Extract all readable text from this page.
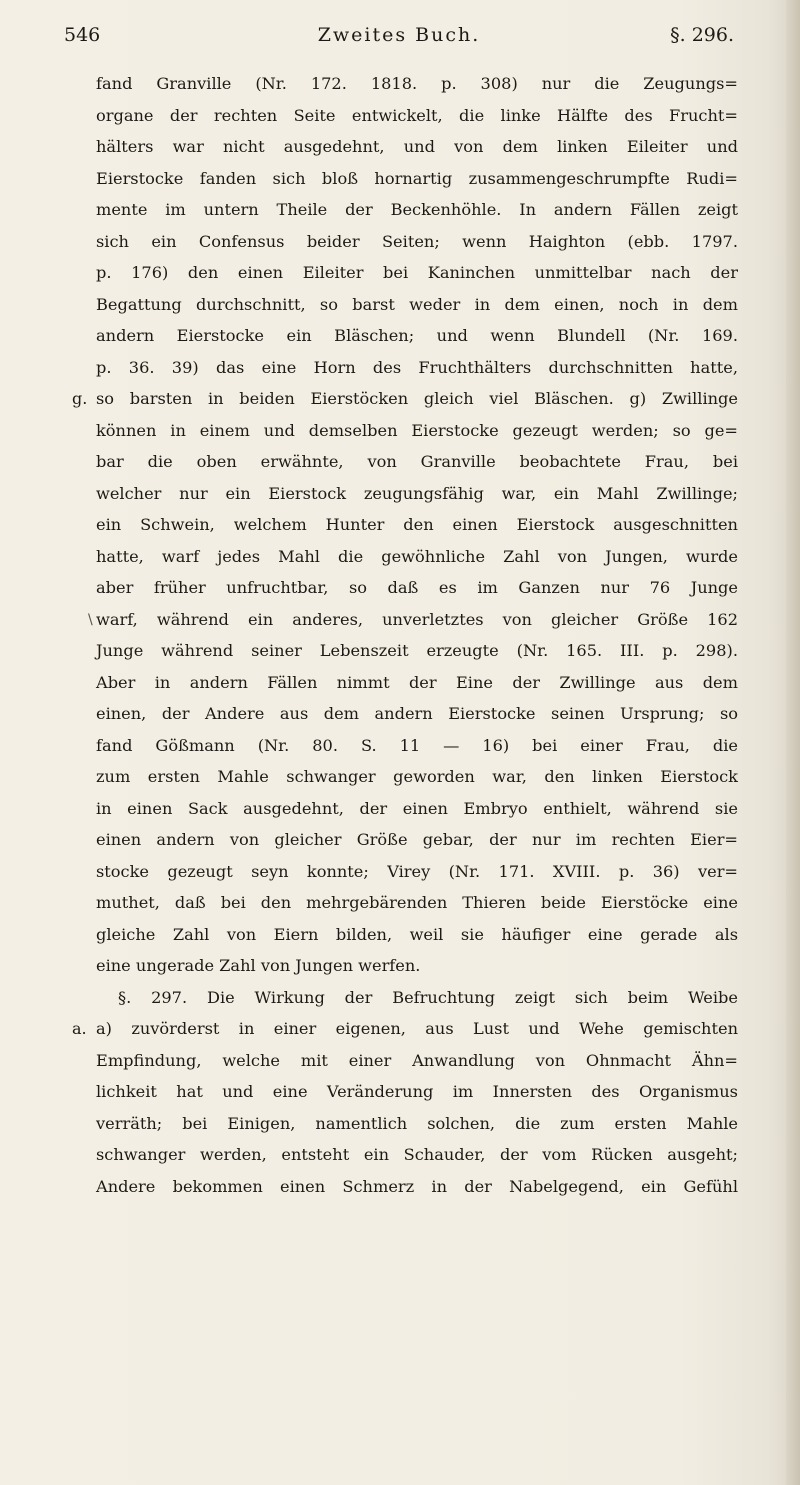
546	Zweites Buch.	§. 296.
\
fand Granville (Nr. 172. 1818. p. 308) nur die Zeugungs=
organe der rechten Seite entwickelt, die linke Hälfte des Frucht=
hälters war nicht ausgedehnt, und von dem linken Eileiter und
Eierstocke fanden sich bloß hornartig zusammengeschrumpfte Rudi=
mente im untern Theile der Beckenhöhle. In andern Fällen zeigt
sich ein Confensus beider Seiten; wenn Haighton (ebb. 1797.
p. 176) den einen Eileiter bei Kaninchen unmittelbar nach der
Begattung durchschnitt, so barst weder in dem einen, noch in dem
andern Eierstocke ein Bläschen; und wenn Blundell (Nr. 169.
p. 36. 39) das eine Horn des Fruchthälters durchschnitten hatte,
g. so barsten in beiden Eierstöcken gleich viel Bläschen. g) Zwillinge
können in einem und demselben Eierstocke gezeugt werden; so ge=
bar die oben erwähnte, von Granville beobachtete Frau, bei
welcher nur ein Eierstock zeugungsfähig war, ein Mahl Zwillinge;
ein Schwein, welchem Hunter den einen Eierstock ausgeschnitten
hatte, warf jedes Mahl die gewöhnliche Zahl von Jungen, wurde
aber früher unfruchtbar, so daß es im Ganzen nur 76 Junge
warf, während ein anderes, unverletztes von gleicher Größe 162
Junge während seiner Lebenszeit erzeugte (Nr. 165. III. p. 298).
Aber in andern Fällen nimmt der Eine der Zwillinge aus dem
einen, der Andere aus dem andern Eierstocke seinen Ursprung; so
fand Gößmann (Nr. 80. S. 11 — 16) bei einer Frau, die
zum ersten Mahle schwanger geworden war, den linken Eierstock
in einen Sack ausgedehnt, der einen Embryo enthielt, während sie
einen andern von gleicher Größe gebar, der nur im rechten Eier=
stocke gezeugt seyn konnte; Virey (Nr. 171. XVIII. p. 36) ver=
muthet, daß bei den mehrgebärenden Thieren beide Eierstöcke eine
gleiche Zahl von Eiern bilden, weil sie häufiger eine gerade als
eine ungerade Zahl von Jungen werfen.
§. 297. Die Wirkung der Befruchtung zeigt sich beim Weibe
a. a) zuvörderst in einer eigenen, aus Lust und Wehe gemischten
Empfindung, welche mit einer Anwandlung von Ohnmacht Ähn=
lichkeit hat und eine Veränderung im Innersten des Organismus
verräth; bei Einigen, namentlich solchen, die zum ersten Mahle
schwanger werden, entsteht ein Schauder, der vom Rücken ausgeht;
Andere bekommen einen Schmerz in der Nabelgegend, ein Gefühl
